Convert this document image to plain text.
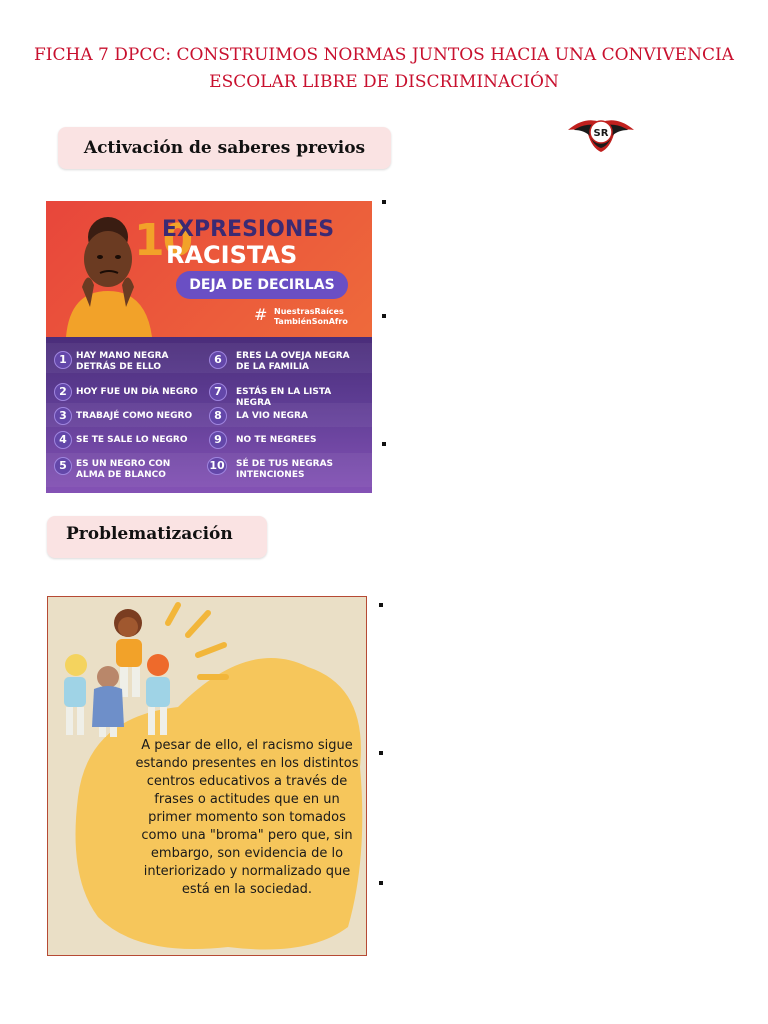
FICHA 7 DPCC: CONSTRUIMOS NORMAS JUNTOS HACIA UNA CONVIVENCIA
ESCOLAR LIBRE DE DISCRIMINACIÓN
Activación de saberes previos
SR
10
EXPRESIONES
RACISTAS
DEJA DE DECIRLAS
# NuestrasRaíces
TambiénSonAfro
1	HAY MANO NEGRA DETRÁS DE ELLO
2	HOY FUE UN DÍA NEGRO
3	TRABAJÉ COMO NEGRO
4	SE TE SALE LO NEGRO
5	ES UN NEGRO CON ALMA DE BLANCO
6	ERES LA OVEJA NEGRA DE LA FAMILIA
7	ESTÁS EN LA LISTA NEGRA
8	LA VIO NEGRA
9	NO TE NEGREES
10 SÉ DE TUS NEGRAS INTENCIONES
Problematización
A pesar de ello, el racismo sigue estando presentes en los distintos centros educativos a través de frases o actitudes que en un primer momento son tomados como una "broma" pero que, sin embargo, son evidencia de lo interiorizado y normalizado que está en la sociedad.
